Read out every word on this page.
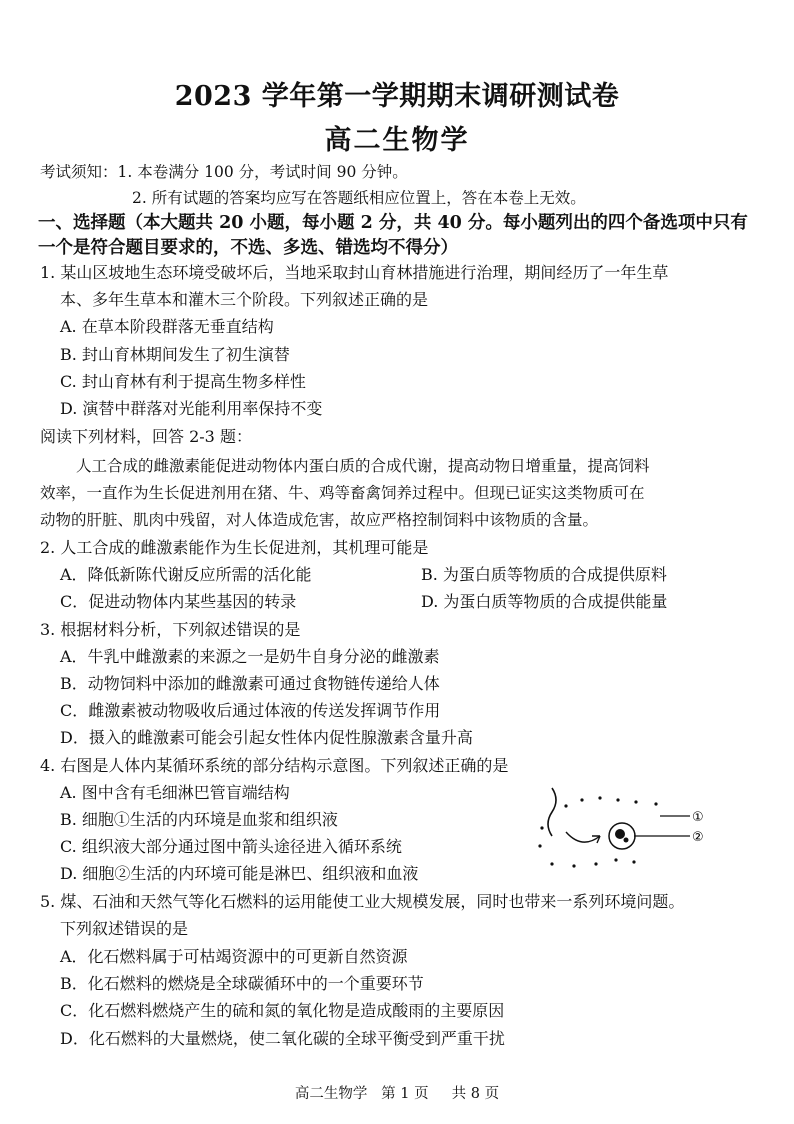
2023 学年第一学期期末调研测试卷
高二生物学
考试须知：1. 本卷满分 100 分，考试时间 90 分钟。
2. 所有试题的答案均应写在答题纸相应位置上，答在本卷上无效。
一、选择题（本大题共 20 小题，每小题 2 分，共 40 分。每小题列出的四个备选项中只有
一个是符合题目要求的，不选、多选、错选均不得分）
1. 某山区坡地生态环境受破坏后，当地采取封山育林措施进行治理，期间经历了一年生草
本、多年生草本和灌木三个阶段。下列叙述正确的是
A. 在草本阶段群落无垂直结构
B. 封山育林期间发生了初生演替
C. 封山育林有利于提高生物多样性
D. 演替中群落对光能利用率保持不变
阅读下列材料，回答 2-3 题：
人工合成的雌激素能促进动物体内蛋白质的合成代谢，提高动物日增重量，提高饲料
效率，一直作为生长促进剂用在猪、牛、鸡等畜禽饲养过程中。但现已证实这类物质可在
动物的肝脏、肌肉中残留，对人体造成危害，故应严格控制饲料中该物质的含量。
2. 人工合成的雌激素能作为生长促进剂，其机理可能是
A．降低新陈代谢反应所需的活化能	B. 为蛋白质等物质的合成提供原料
C．促进动物体内某些基因的转录	D. 为蛋白质等物质的合成提供能量
3. 根据材料分析，下列叙述错误的是
A．牛乳中雌激素的来源之一是奶牛自身分泌的雌激素
B．动物饲料中添加的雌激素可通过食物链传递给人体
C．雌激素被动物吸收后通过体液的传送发挥调节作用
D．摄入的雌激素可能会引起女性体内促性腺激素含量升高
4. 右图是人体内某循环系统的部分结构示意图。下列叙述正确的是
A. 图中含有毛细淋巴管盲端结构
B. 细胞①生活的内环境是血浆和组织液
C. 组织液大部分通过图中箭头途径进入循环系统
D. 细胞②生活的内环境可能是淋巴、组织液和血液
①
②
5. 煤、石油和天然气等化石燃料的运用能使工业大规模发展，同时也带来一系列环境问题。
下列叙述错误的是
A．化石燃料属于可枯竭资源中的可更新自然资源
B．化石燃料的燃烧是全球碳循环中的一个重要环节
C．化石燃料燃烧产生的硫和氮的氧化物是造成酸雨的主要原因
D．化石燃料的大量燃烧，使二氧化碳的全球平衡受到严重干扰
高二生物学   第 1 页     共 8 页
